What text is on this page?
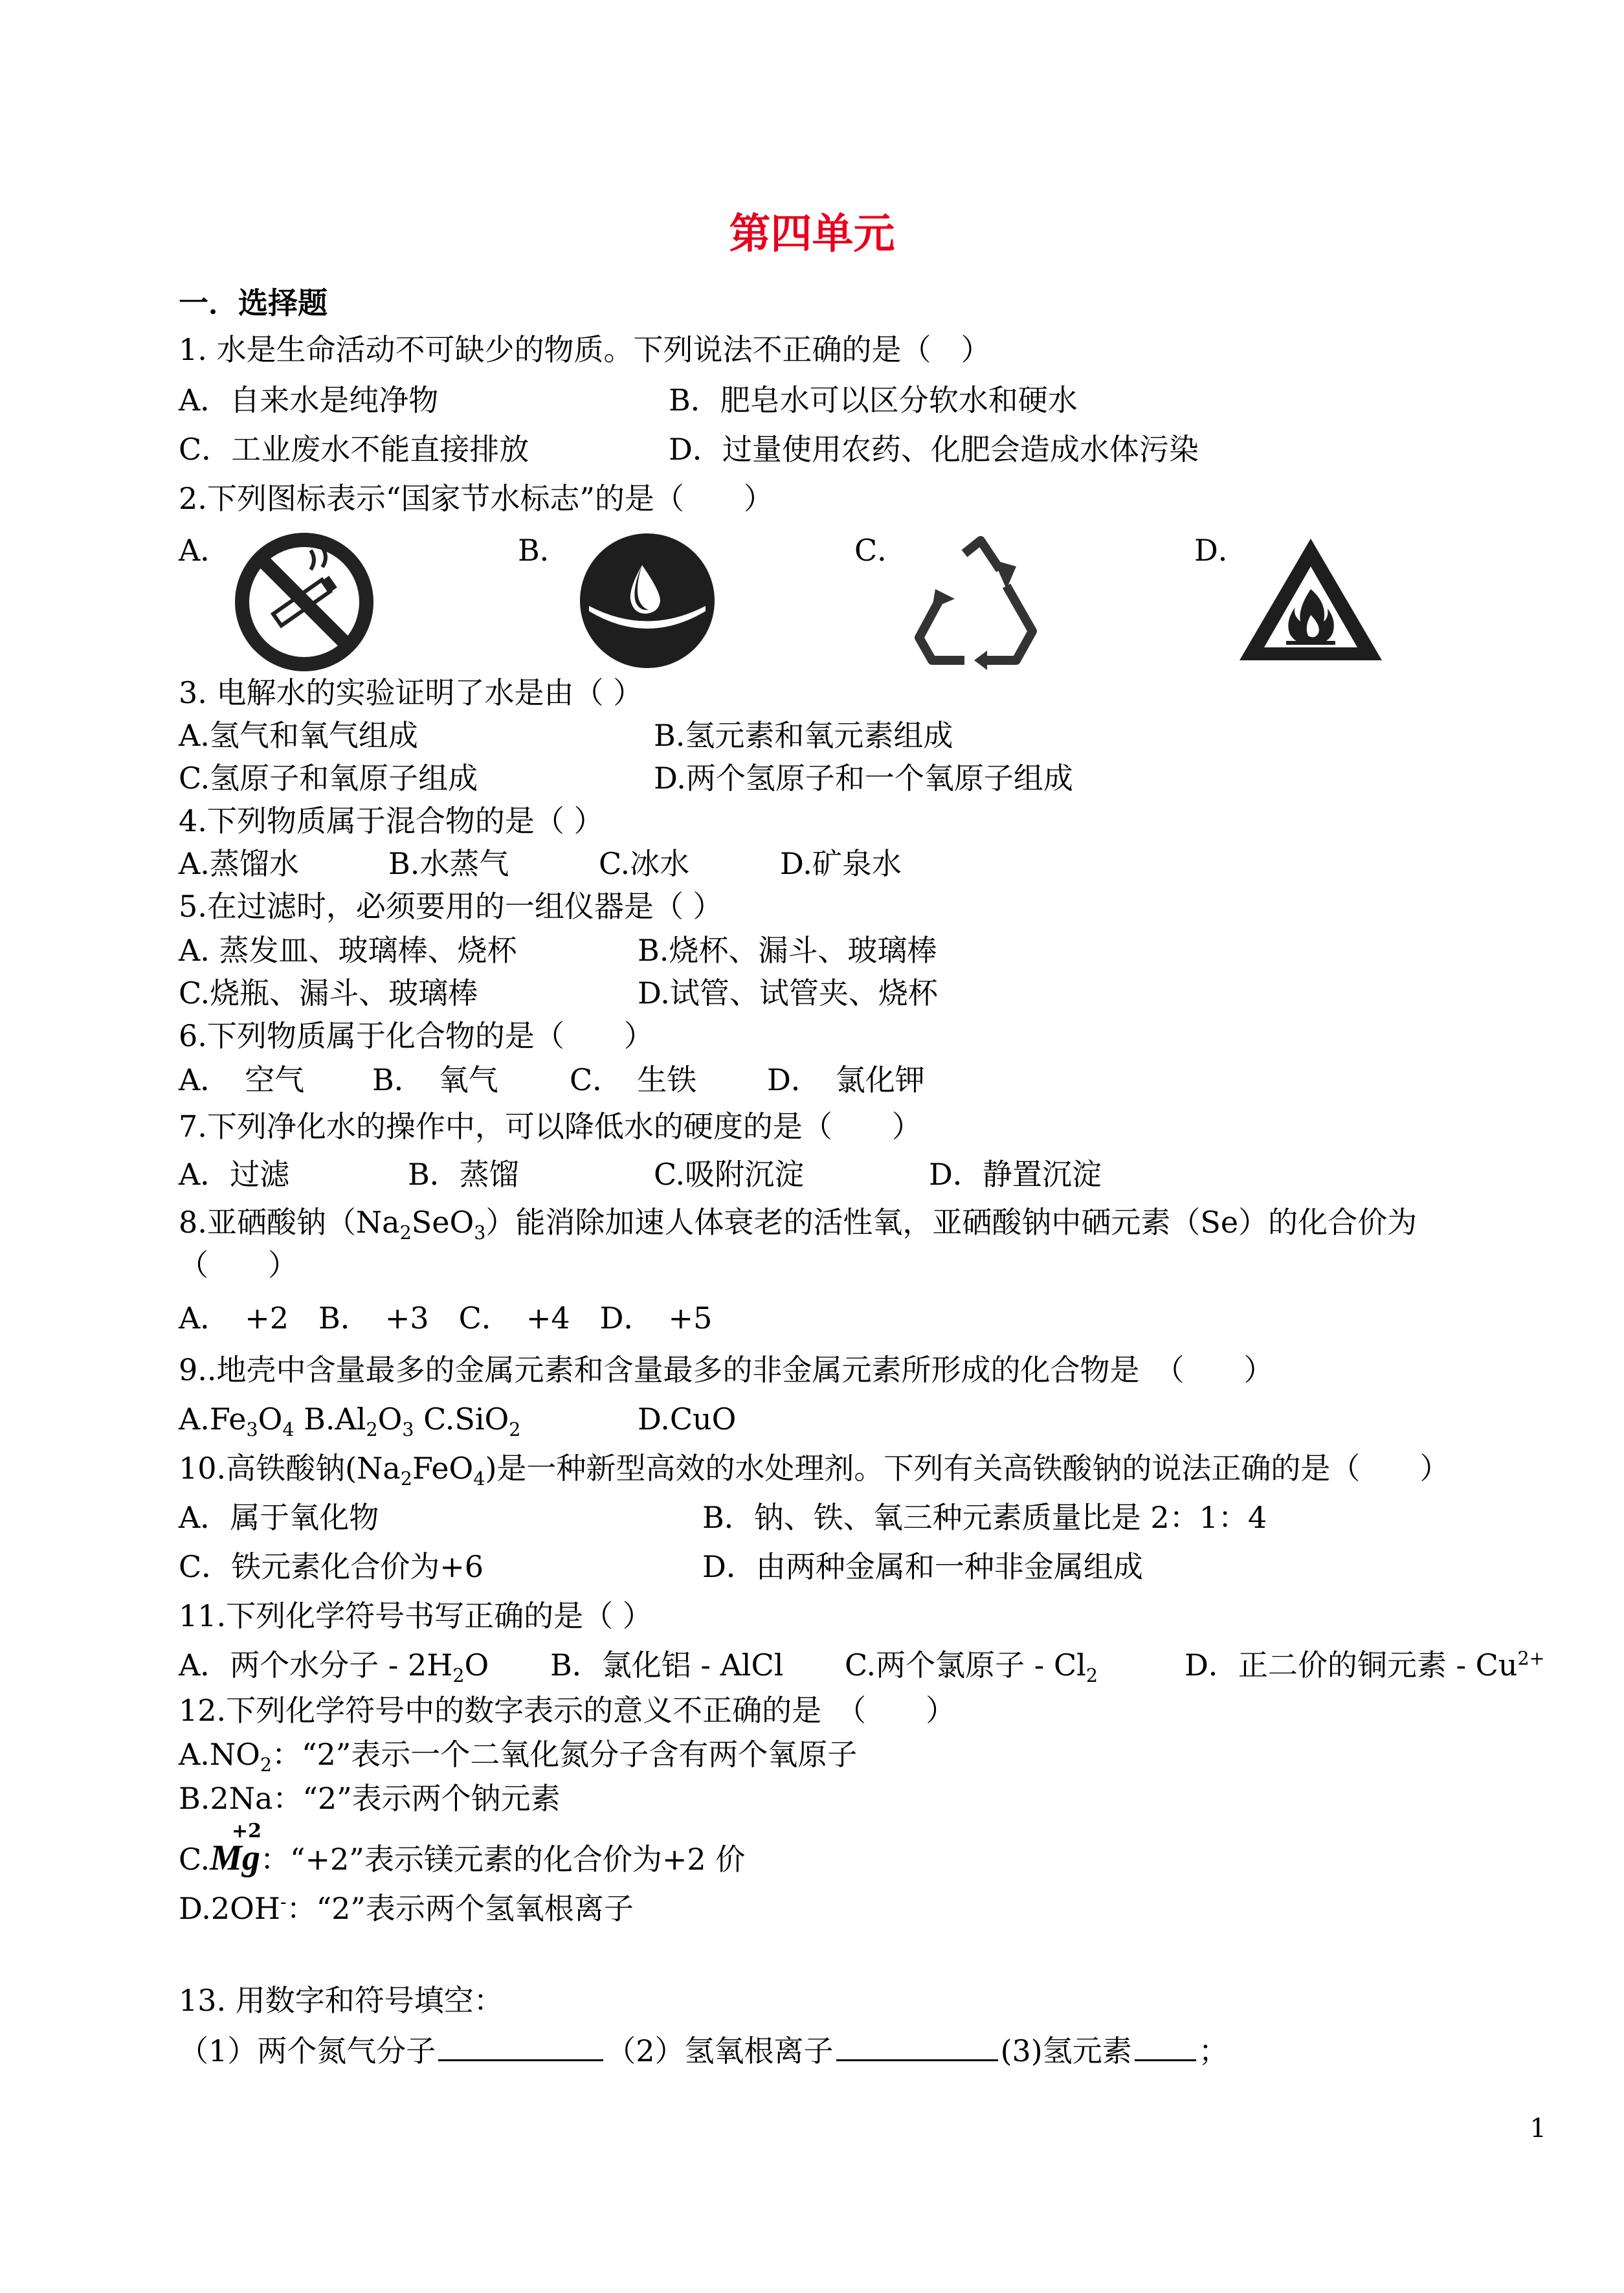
第四单元
一．选择题
1. 水是生命活动不可缺少的物质。下列说法不正确的是（　）
A．自来水是纯净物	B．肥皂水可以区分软水和硬水
C．工业废水不能直接排放	D．过量使用农药、化肥会造成水体污染
2.下列图标表示“国家节水标志”的是（　　）
A．	B．	C．	D．
3. 电解水的实验证明了水是由（ ）
A.氢气和氧气组成	B.氢元素和氧元素组成
C.氢原子和氧原子组成	D.两个氢原子和一个氧原子组成
4.下列物质属于混合物的是（ ）
A.蒸馏水	B.水蒸气	C.冰水	D.矿泉水
5.在过滤时，必须要用的一组仪器是（ ）
A. 蒸发皿、玻璃棒、烧杯	B.烧杯、漏斗、玻璃棒
C.烧瓶、漏斗、玻璃棒	D.试管、试管夹、烧杯
6.下列物质属于化合物的是（　　）
A．　空气 B．　氧气 C．　生铁 D．　氯化钾
7.下列净化水的操作中，可以降低水的硬度的是（　　）
A．过滤	B．蒸馏	C.吸附沉淀	D．静置沉淀
8.亚硒酸钠$(Na_2SeO_3)$能消除加速人体衰老的活性氧，亚硒酸钠中硒元素（Se）的化合价为
（　　）
A．　+2　B．　+3　C．　+4　D．　+5
9..地壳中含量最多的金属元素和含量最多的非金属元素所形成的化合物是　（　　）
$A.Fe_3O_4$ $B.Al_2O_3$ C.SiO$_2$	D.CuO
10.高铁酸钠$(Na_2FeO_4)$是一种新型高效的水处理剂。下列有关高铁酸钠的说法正确的是（　　）
A．属于氧化物	B．钠、铁、氧三种元素质量比是 2：1：4
C．铁元素化合价为+6	D．由两种金属和一种非金属组成
11.下列化学符号书写正确的是（ ）
A．两个水分子 - $2H_2O$ B．氯化铝 - AlCl C.两个氯原子 - $Cl_2$	D．正二价的铜元素 - $Cu^{2+}$
12.下列化学符号中的数字表示的意义不正确的是　（　　）
$A.NO_2$：“2”表示一个二氧化氮分子含有两个氧原子
B.2Na：“2”表示两个钠元素
+2
C.Mg：“+2”表示镁元素的化合价为+2 价
D.2OH-：“2”表示两个氢氧根离子
13. 用数字和符号填空：
（1）两个氮气分子	（2）氢氧根离子	(3)氢元素 ；
1
